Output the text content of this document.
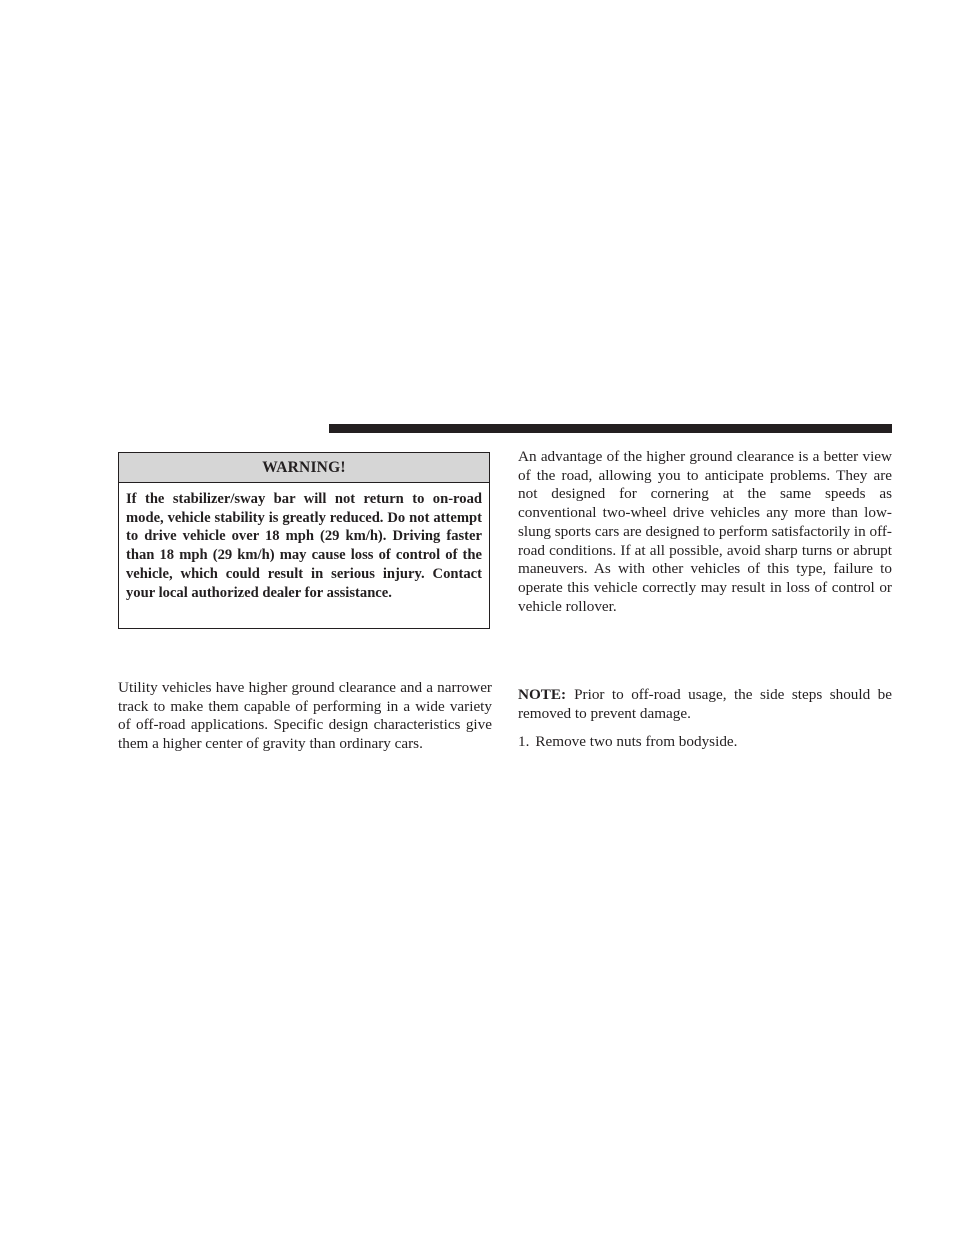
WARNING!
If the stabilizer/sway bar will not return to on-road mode, vehicle stability is greatly reduced. Do not attempt to drive vehicle over 18 mph (29 km/h). Driving faster than 18 mph (29 km/h) may cause loss of control of the vehicle, which could result in serious injury. Contact your local authorized dealer for assistance.

Utility vehicles have higher ground clearance and a narrower track to make them capable of performing in a wide variety of off-road applications. Specific design characteristics give them a higher center of gravity than ordinary cars.

An advantage of the higher ground clearance is a better view of the road, allowing you to anticipate problems. They are not designed for cornering at the same speeds as conventional two-wheel drive vehicles any more than low-slung sports cars are designed to perform satisfactorily in off-road conditions. If at all possible, avoid sharp turns or abrupt maneuvers. As with other vehicles of this type, failure to operate this vehicle correctly may result in loss of control or vehicle rollover.

NOTE: Prior to off-road usage, the side steps should be removed to prevent damage.

1. Remove two nuts from bodyside.
